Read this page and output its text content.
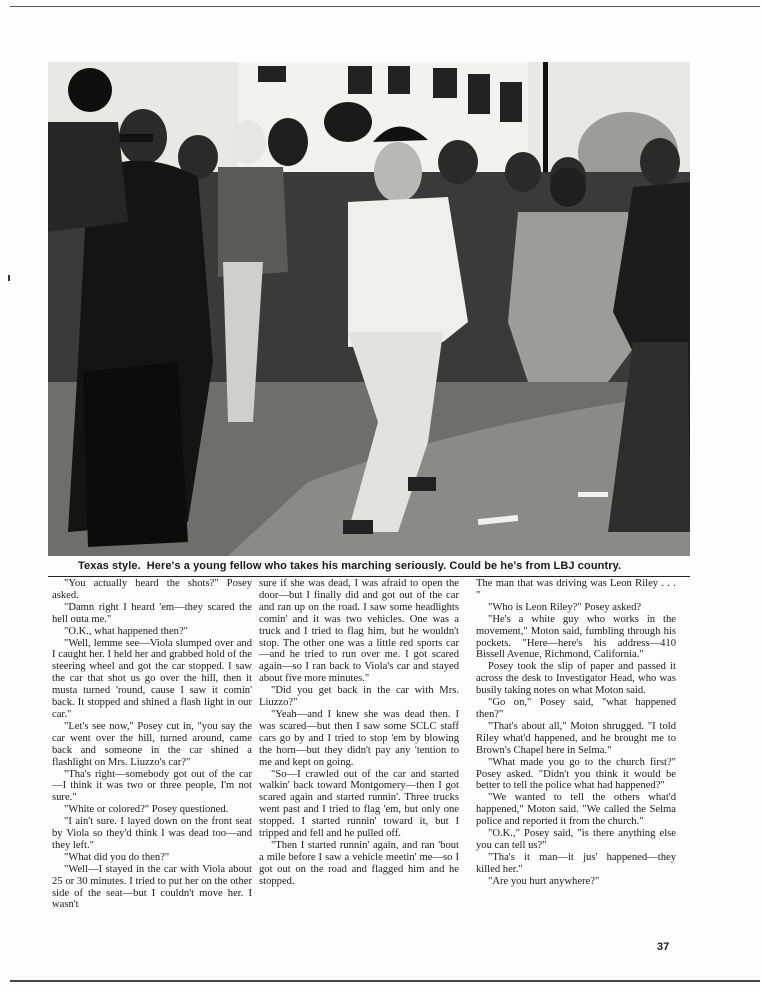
Texas style. Here's a young fellow who takes his marching seriously. Could be he's from LBJ country.

"You actually heard the shots?" Posey asked.

"Damn right I heard 'em—they scared the hell outa me."

"O.K., what happened then?"

"Well, lemme see—Viola slumped over and I caught her. I held her and grabbed hold of the steering wheel and got the car stopped. I saw the car that shot us go over the hill, then it musta turned 'round, cause I saw it comin' back. It stopped and shined a flash light in our car."

"Let's see now," Posey cut in, "you say the car went over the hill, turned around, came back and someone in the car shined a flashlight on Mrs. Liuzzo's car?"

"Tha's right—somebody got out of the car—I think it was two or three people, I'm not sure."

"White or colored?" Posey questioned.

"I ain't sure. I layed down on the front seat by Viola so they'd think I was dead too—and they left."

"What did you do then?"

"Well—I stayed in the car with Viola about 25 or 30 minutes. I tried to put her on the other side of the seat—but I couldn't move her. I wasn't

sure if she was dead, I was afraid to open the door—but I finally did and got out of the car and ran up on the road. I saw some headlights comin' and it was two vehicles. One was a truck and I tried to flag him, but he wouldn't stop. The other one was a little red sports car—and he tried to run over me. I got scared again—so I ran back to Viola's car and stayed about five more minutes."

"Did you get back in the car with Mrs. Liuzzo?"

"Yeah—and I knew she was dead then. I was scared—but then I saw some SCLC staff cars go by and I tried to stop 'em by blowing the horn—but they didn't pay any 'tention to me and kept on going.

"So—I crawled out of the car and started walkin' back toward Montgomery—then I got scared again and started runnin'. Three trucks went past and I tried to flag 'em, but only one stopped. I started runnin' toward it, but I tripped and fell and he pulled off.

"Then I started runnin' again, and ran 'bout a mile before I saw a vehicle meetin' me—so I got out on the road and flagged him and he stopped.

The man that was driving was Leon Riley . . . "

"Who is Leon Riley?" Posey asked?

"He's a white guy who works in the movement," Moton said, fumbling through his pockets. "Here—here's his address—410 Bissell Avenue, Richmond, California."

Posey took the slip of paper and passed it across the desk to Investigator Head, who was busily taking notes on what Moton said.

"Go on," Posey said, "what happened then?"

"That's about all," Moton shrugged. "I told Riley what'd happened, and he brought me to Brown's Chapel here in Selma."

"What made you go to the church first?" Posey asked. "Didn't you think it would be better to tell the police what had happened?"

"We wanted to tell the others what'd happened," Moton said. "We called the Selma police and reported it from the church."

"O.K.," Posey said, "is there anything else you can tell us?"

"Tha's it man—it jus' happened—they killed her."

"Are you hurt anywhere?"

37
